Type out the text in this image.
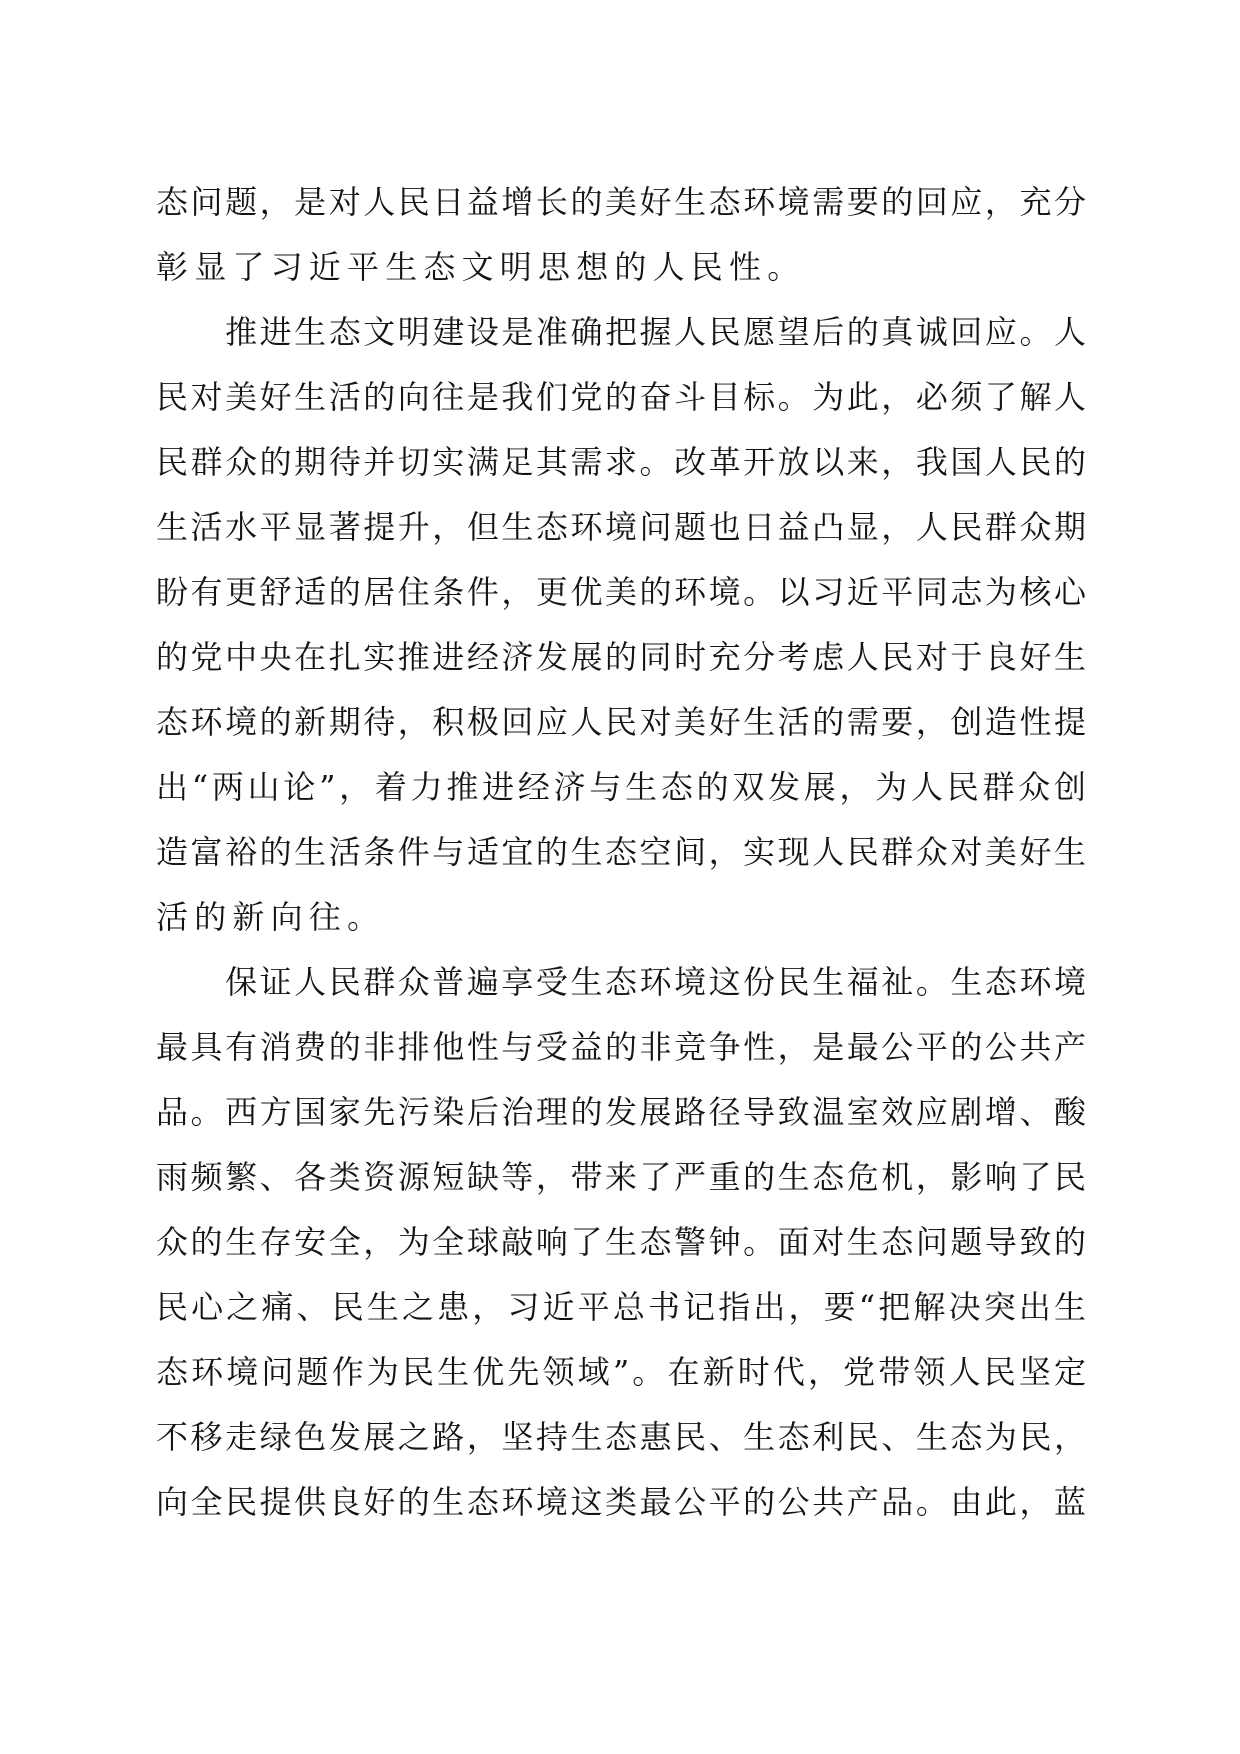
态问题，是对人民日益增长的美好生态环境需要的回应，充分
彰显了习近平生态文明思想的人民性。
　　推进生态文明建设是准确把握人民愿望后的真诚回应。人
民对美好生活的向往是我们党的奋斗目标。为此，必须了解人
民群众的期待并切实满足其需求。改革开放以来，我国人民的
生活水平显著提升，但生态环境问题也日益凸显，人民群众期
盼有更舒适的居住条件，更优美的环境。以习近平同志为核心
的党中央在扎实推进经济发展的同时充分考虑人民对于良好生
态环境的新期待，积极回应人民对美好生活的需要，创造性提
出“两山论”，着力推进经济与生态的双发展，为人民群众创
造富裕的生活条件与适宜的生态空间，实现人民群众对美好生
活的新向往。
　　保证人民群众普遍享受生态环境这份民生福祉。生态环境
最具有消费的非排他性与受益的非竞争性，是最公平的公共产
品。西方国家先污染后治理的发展路径导致温室效应剧增、酸
雨频繁、各类资源短缺等，带来了严重的生态危机，影响了民
众的生存安全，为全球敲响了生态警钟。面对生态问题导致的
民心之痛、民生之患，习近平总书记指出，要“把解决突出生
态环境问题作为民生优先领域”。在新时代，党带领人民坚定
不移走绿色发展之路，坚持生态惠民、生态利民、生态为民，
向全民提供良好的生态环境这类最公平的公共产品。由此，蓝
